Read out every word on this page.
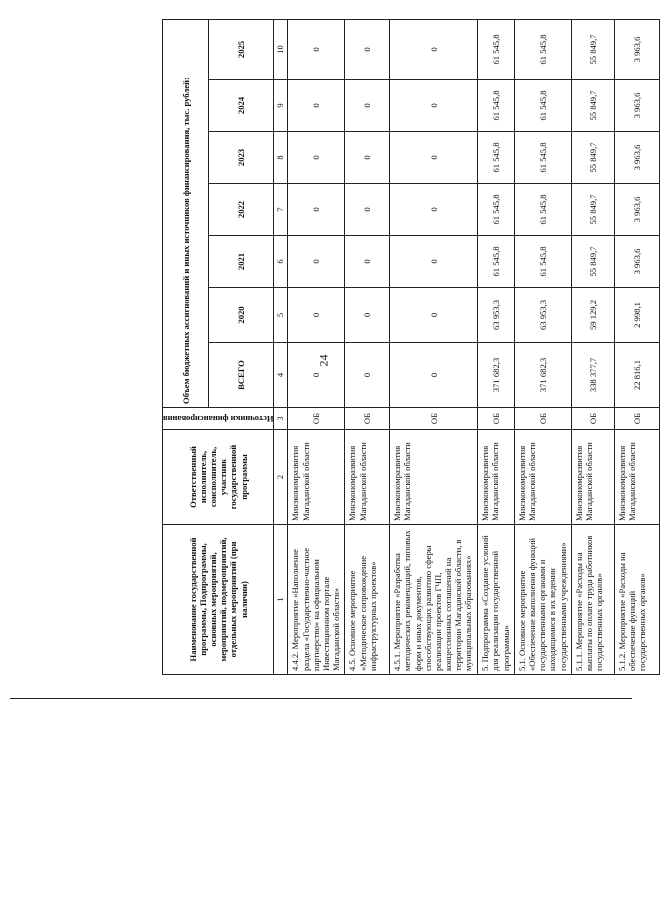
24
Наименование государственной программы, Подпрограммы, основных мероприятий, мероприятий, подмероприятий, отдельных мероприятий (при наличии)	Ответственный исполнитель, соисполнитель, участник государственной программы	Источники финансирования	Объем бюджетных ассигнований и иных источников финансирования, тыс. рублей:						
			ВСЕГО	2020	2021	2022	2023	2024	2025
1	2	3	4	5	6	7	8	9	10
4.4.2. Мероприятие «Наполнение раздела «Государственно-частное партнерство» на официальном Инвестиционном портале Магаданской области»	Минэкономразвития Магаданской области	ОБ	0	0	0	0	0	0	0
4.5. Основное мероприятие «Методическое сопровождение инфраструктурных проектов»	Минэкономразвития Магаданской области	ОБ	0	0	0	0	0	0	0
4.5.1. Мероприятие «Разработка методических рекомендаций, типовых форм и иных документов, способствующих развитию сферы реализации проектов ГЧП, концессионных соглашений на территории Магаданской области, в муниципальных образованиях»	Минэкономразвития Магаданской области	ОБ	0	0	0	0	0	0	0
5. Подпрограмма «Создание условий для реализации государственной программы»	Минэкономразвития Магаданской области	ОБ	371 682,3	63 953,3	61 545,8	61 545,8	61 545,8	61 545,8	61 545,8
5.1. Основное мероприятие «Обеспечение выполнения функций государственными органами и находящимися в их ведении государственными учреждениями»	Минэкономразвития Магаданской области	ОБ	371 682,3	63 953,3	61 545,8	61 545,8	61 545,8	61 545,8	61 545,8
5.1.1. Мероприятие «Расходы на выплаты по оплате труда работников государственных органов»	Минэкономразвития Магаданской области	ОБ	338 377,7	59 129,2	55 849,7	55 849,7	55 849,7	55 849,7	55 849,7
5.1.2. Мероприятие «Расходы на обеспечение функций государственных органов»	Минэкономразвития Магаданской области	ОБ	22 816,1	2 998,1	3 963,6	3 963,6	3 963,6	3 963,6	3 963,6
